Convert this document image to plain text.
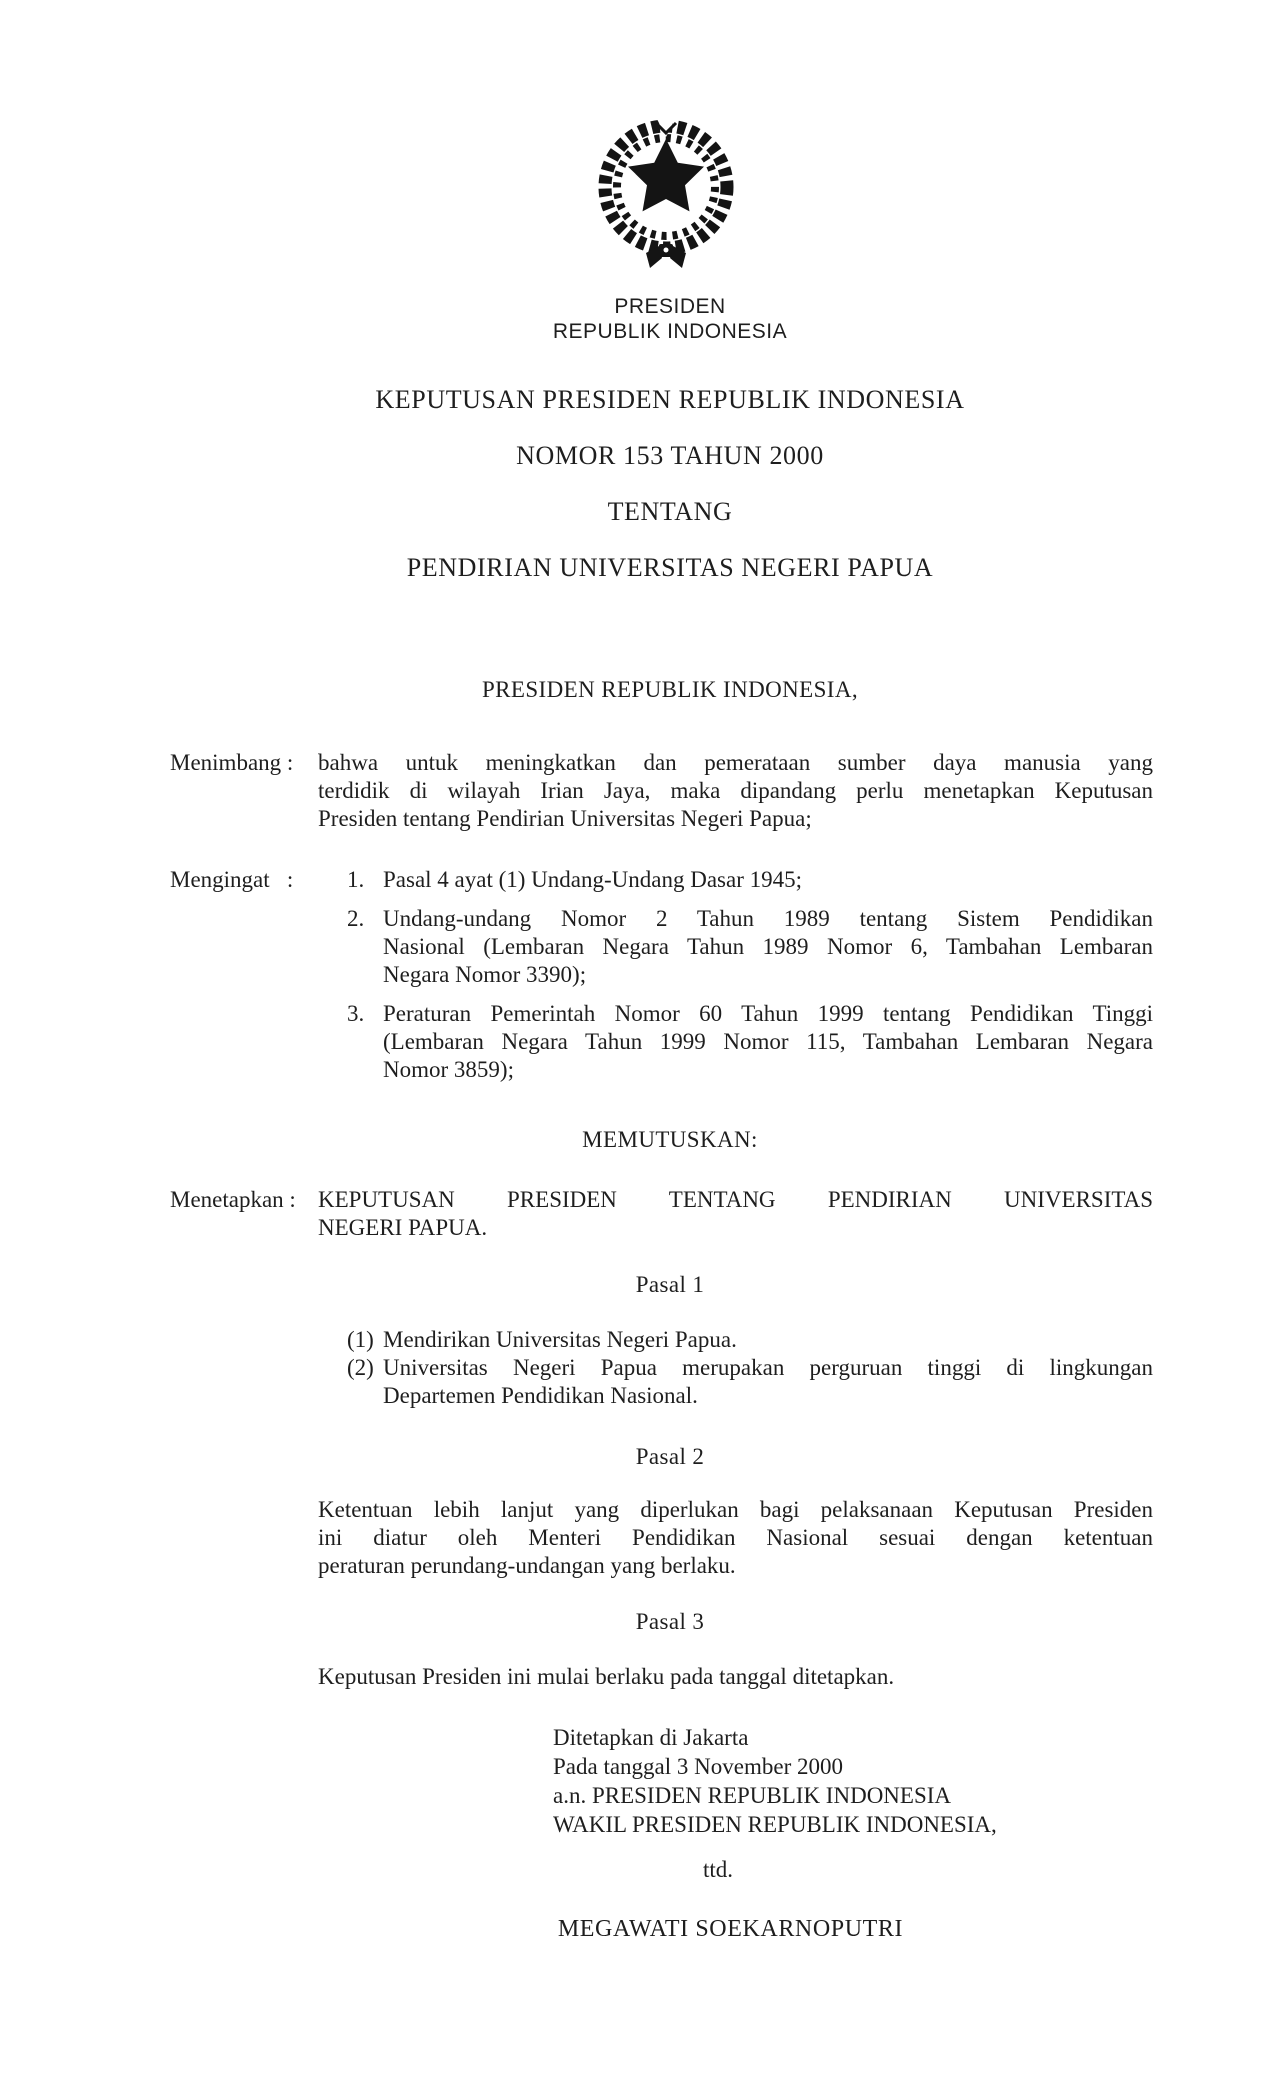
PRESIDEN
REPUBLIK INDONESIA
KEPUTUSAN PRESIDEN REPUBLIK INDONESIA
NOMOR 153 TAHUN 2000
TENTANG
PENDIRIAN UNIVERSITAS NEGERI PAPUA
PRESIDEN REPUBLIK INDONESIA,
Menimbang : bahwa untuk meningkatkan dan pemerataan sumber daya manusia yang
terdidik di wilayah Irian Jaya, maka dipandang perlu menetapkan Keputusan
Presiden tentang Pendirian Universitas Negeri Papua;
Mengingat   : 1. Pasal 4 ayat (1) Undang-Undang Dasar 1945;
2. Undang-undang Nomor 2 Tahun 1989 tentang Sistem Pendidikan
Nasional (Lembaran Negara Tahun 1989 Nomor 6, Tambahan Lembaran
Negara Nomor 3390);
3. Peraturan Pemerintah Nomor 60 Tahun 1999 tentang Pendidikan Tinggi
(Lembaran Negara Tahun 1999 Nomor 115, Tambahan Lembaran Negara
Nomor 3859);
MEMUTUSKAN:
Menetapkan : KEPUTUSAN PRESIDEN TENTANG PENDIRIAN UNIVERSITAS
NEGERI PAPUA.
Pasal 1
(1) Mendirikan Universitas Negeri Papua.
(2) Universitas Negeri Papua merupakan perguruan tinggi di lingkungan
Departemen Pendidikan Nasional.
Pasal 2
Ketentuan lebih lanjut yang diperlukan bagi pelaksanaan Keputusan Presiden
ini diatur oleh Menteri Pendidikan Nasional sesuai dengan ketentuan
peraturan perundang-undangan yang berlaku.
Pasal 3
Keputusan Presiden ini mulai berlaku pada tanggal ditetapkan.
Ditetapkan di Jakarta
Pada tanggal 3 November 2000
a.n. PRESIDEN REPUBLIK INDONESIA
WAKIL PRESIDEN REPUBLIK INDONESIA,
ttd.
MEGAWATI SOEKARNOPUTRI
